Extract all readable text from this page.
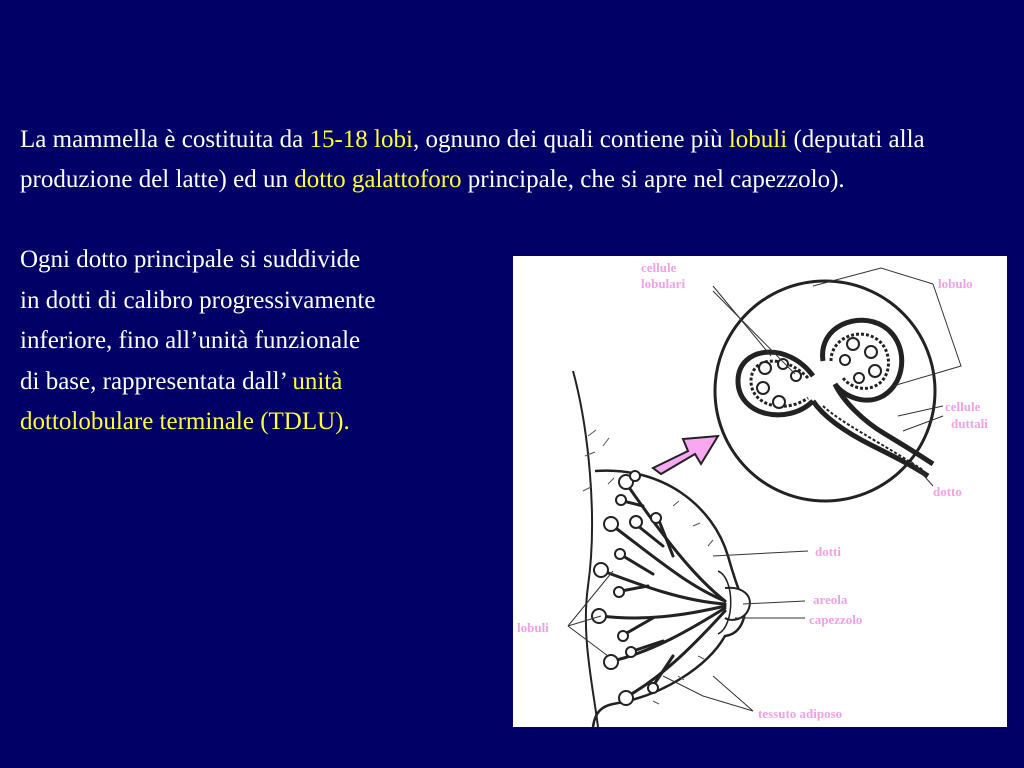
La mammella è costituita da 15-18 lobi, ognuno dei quali contiene più lobuli (deputati alla produzione del latte) ed un dotto galattoforo principale, che si apre nel capezzolo).

Ogni dotto principale si suddivide
in dotti di calibro progressivamente
inferiore, fino all’unità funzionale
di base, rappresentata dall’ unità
dottolobulare terminale (TDLU).

cellule
lobulari	lobulo
cellule
duttali
dotto
dotti
areola
capezzolo
lobuli
tessuto adiposo
